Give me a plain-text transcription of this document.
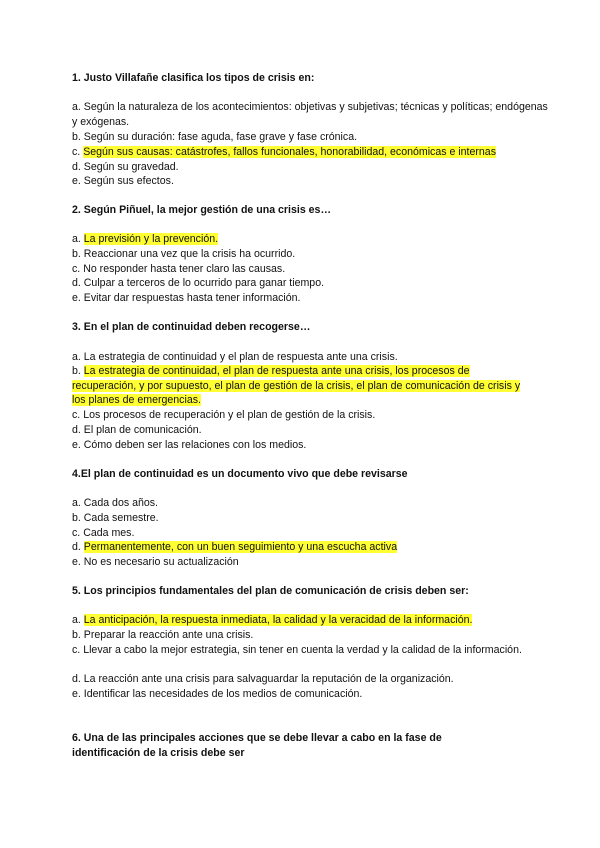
1. Justo Villafañe clasifica los tipos de crisis en:
a. Según la naturaleza de los acontecimientos: objetivas y subjetivas; técnicas y políticas; endógenas y exógenas.
b. Según su duración: fase aguda, fase grave y fase crónica.
c. Según sus causas: catástrofes, fallos funcionales, honorabilidad, económicas e internas
d. Según su gravedad.
e. Según sus efectos.
2. Según Piñuel, la mejor gestión de una crisis es…
a. La previsión y la prevención.
b. Reaccionar una vez que la crisis ha ocurrido.
c. No responder hasta tener claro las causas.
d. Culpar a terceros de lo ocurrido para ganar tiempo.
e. Evitar dar respuestas hasta tener información.
3. En el plan de continuidad deben recogerse…
a. La estrategia de continuidad y el plan de respuesta ante una crisis.
b. La estrategia de continuidad, el plan de respuesta ante una crisis, los procesos de recuperación, y por supuesto, el plan de gestión de la crisis, el plan de comunicación de crisis y los planes de emergencias.
c. Los procesos de recuperación y el plan de gestión de la crisis.
d. El plan de comunicación.
e. Cómo deben ser las relaciones con los medios.
4.El plan de continuidad es un documento vivo que debe revisarse
a. Cada dos años.
b. Cada semestre.
c. Cada mes.
d. Permanentemente, con un buen seguimiento y una escucha activa
e. No es necesario su actualización
5. Los principios fundamentales del plan de comunicación de crisis deben ser:
a. La anticipación, la respuesta inmediata, la calidad y la veracidad de la información.
b. Preparar la reacción ante una crisis.
c. Llevar a cabo la mejor estrategia, sin tener en cuenta la verdad y la calidad de la información.
d. La reacción ante una crisis para salvaguardar la reputación de la organización.
e. Identificar las necesidades de los medios de comunicación.
6. Una de las principales acciones que se debe llevar a cabo en la fase de identificación de la crisis debe ser
